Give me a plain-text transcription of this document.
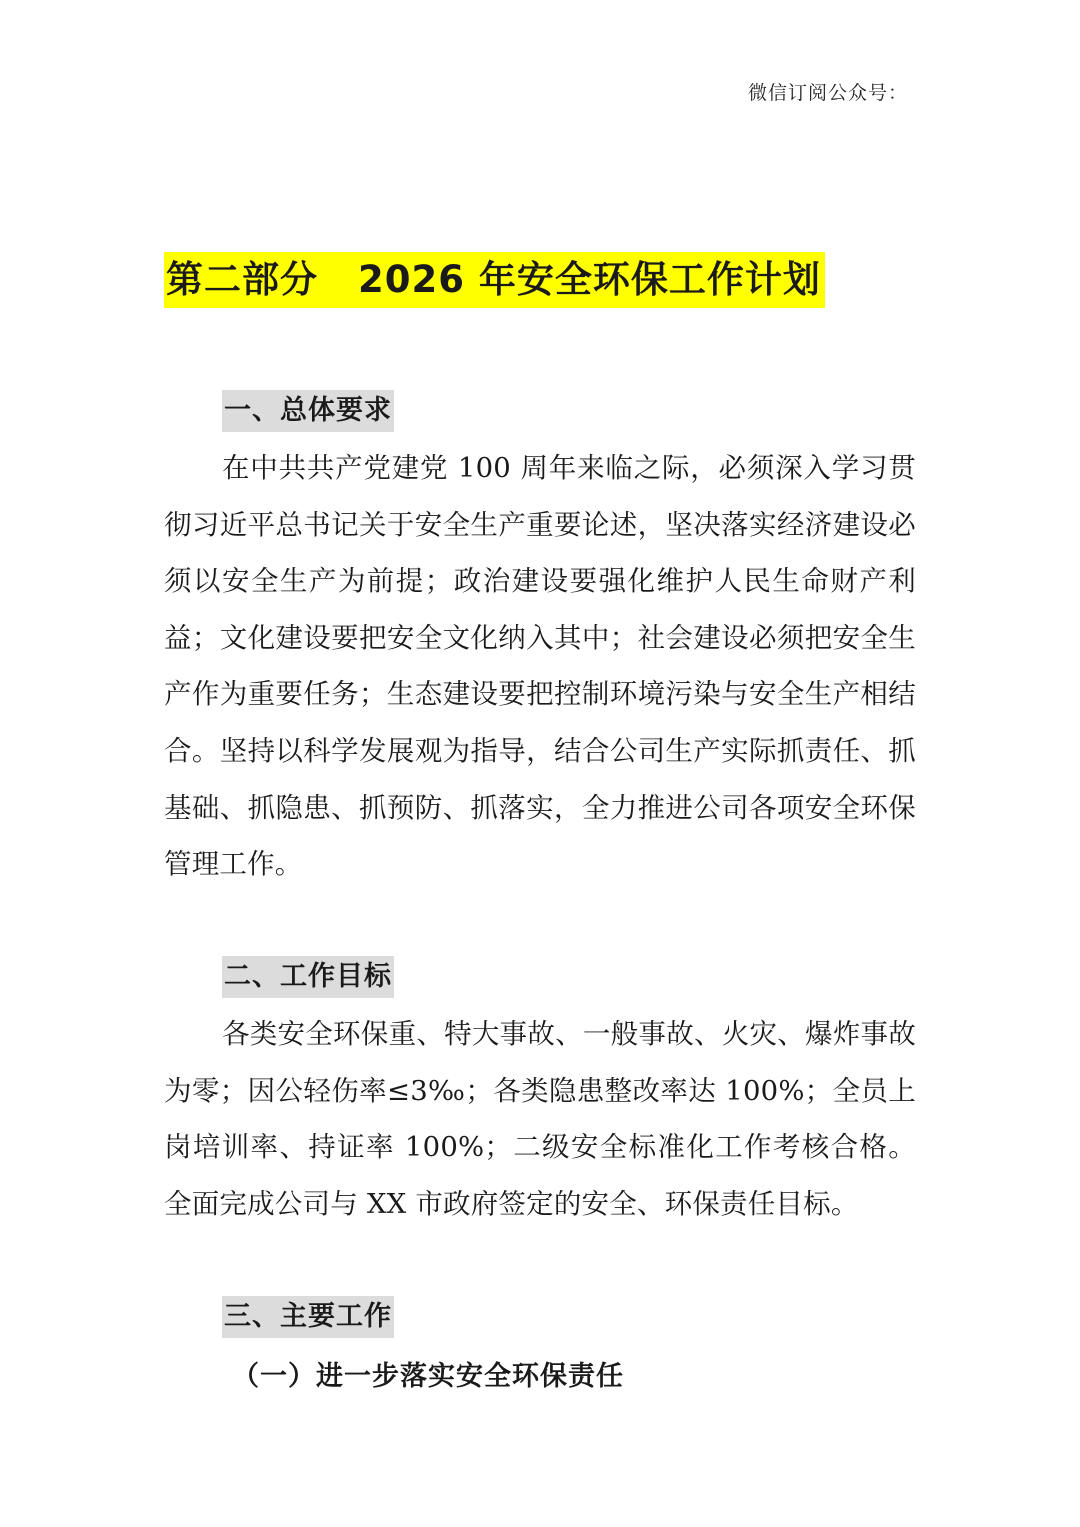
微信订阅公众号：
第二部分 2026 年安全环保工作计划
一、总体要求
在中共共产党建党 100 周年来临之际，必须深入学习贯彻习近平总书记关于安全生产重要论述，坚决落实经济建设必须以安全生产为前提；政治建设要强化维护人民生命财产利益；文化建设要把安全文化纳入其中；社会建设必须把安全生产作为重要任务；生态建设要把控制环境污染与安全生产相结合。坚持以科学发展观为指导，结合公司生产实际抓责任、抓基础、抓隐患、抓预防、抓落实，全力推进公司各项安全环保管理工作。
二、工作目标
各类安全环保重、特大事故、一般事故、火灾、爆炸事故为零；因公轻伤率≤3‰；各类隐患整改率达 100%；全员上岗培训率、持证率 100%；二级安全标准化工作考核合格。全面完成公司与 XX 市政府签定的安全、环保责任目标。
三、主要工作
（一）进一步落实安全环保责任
